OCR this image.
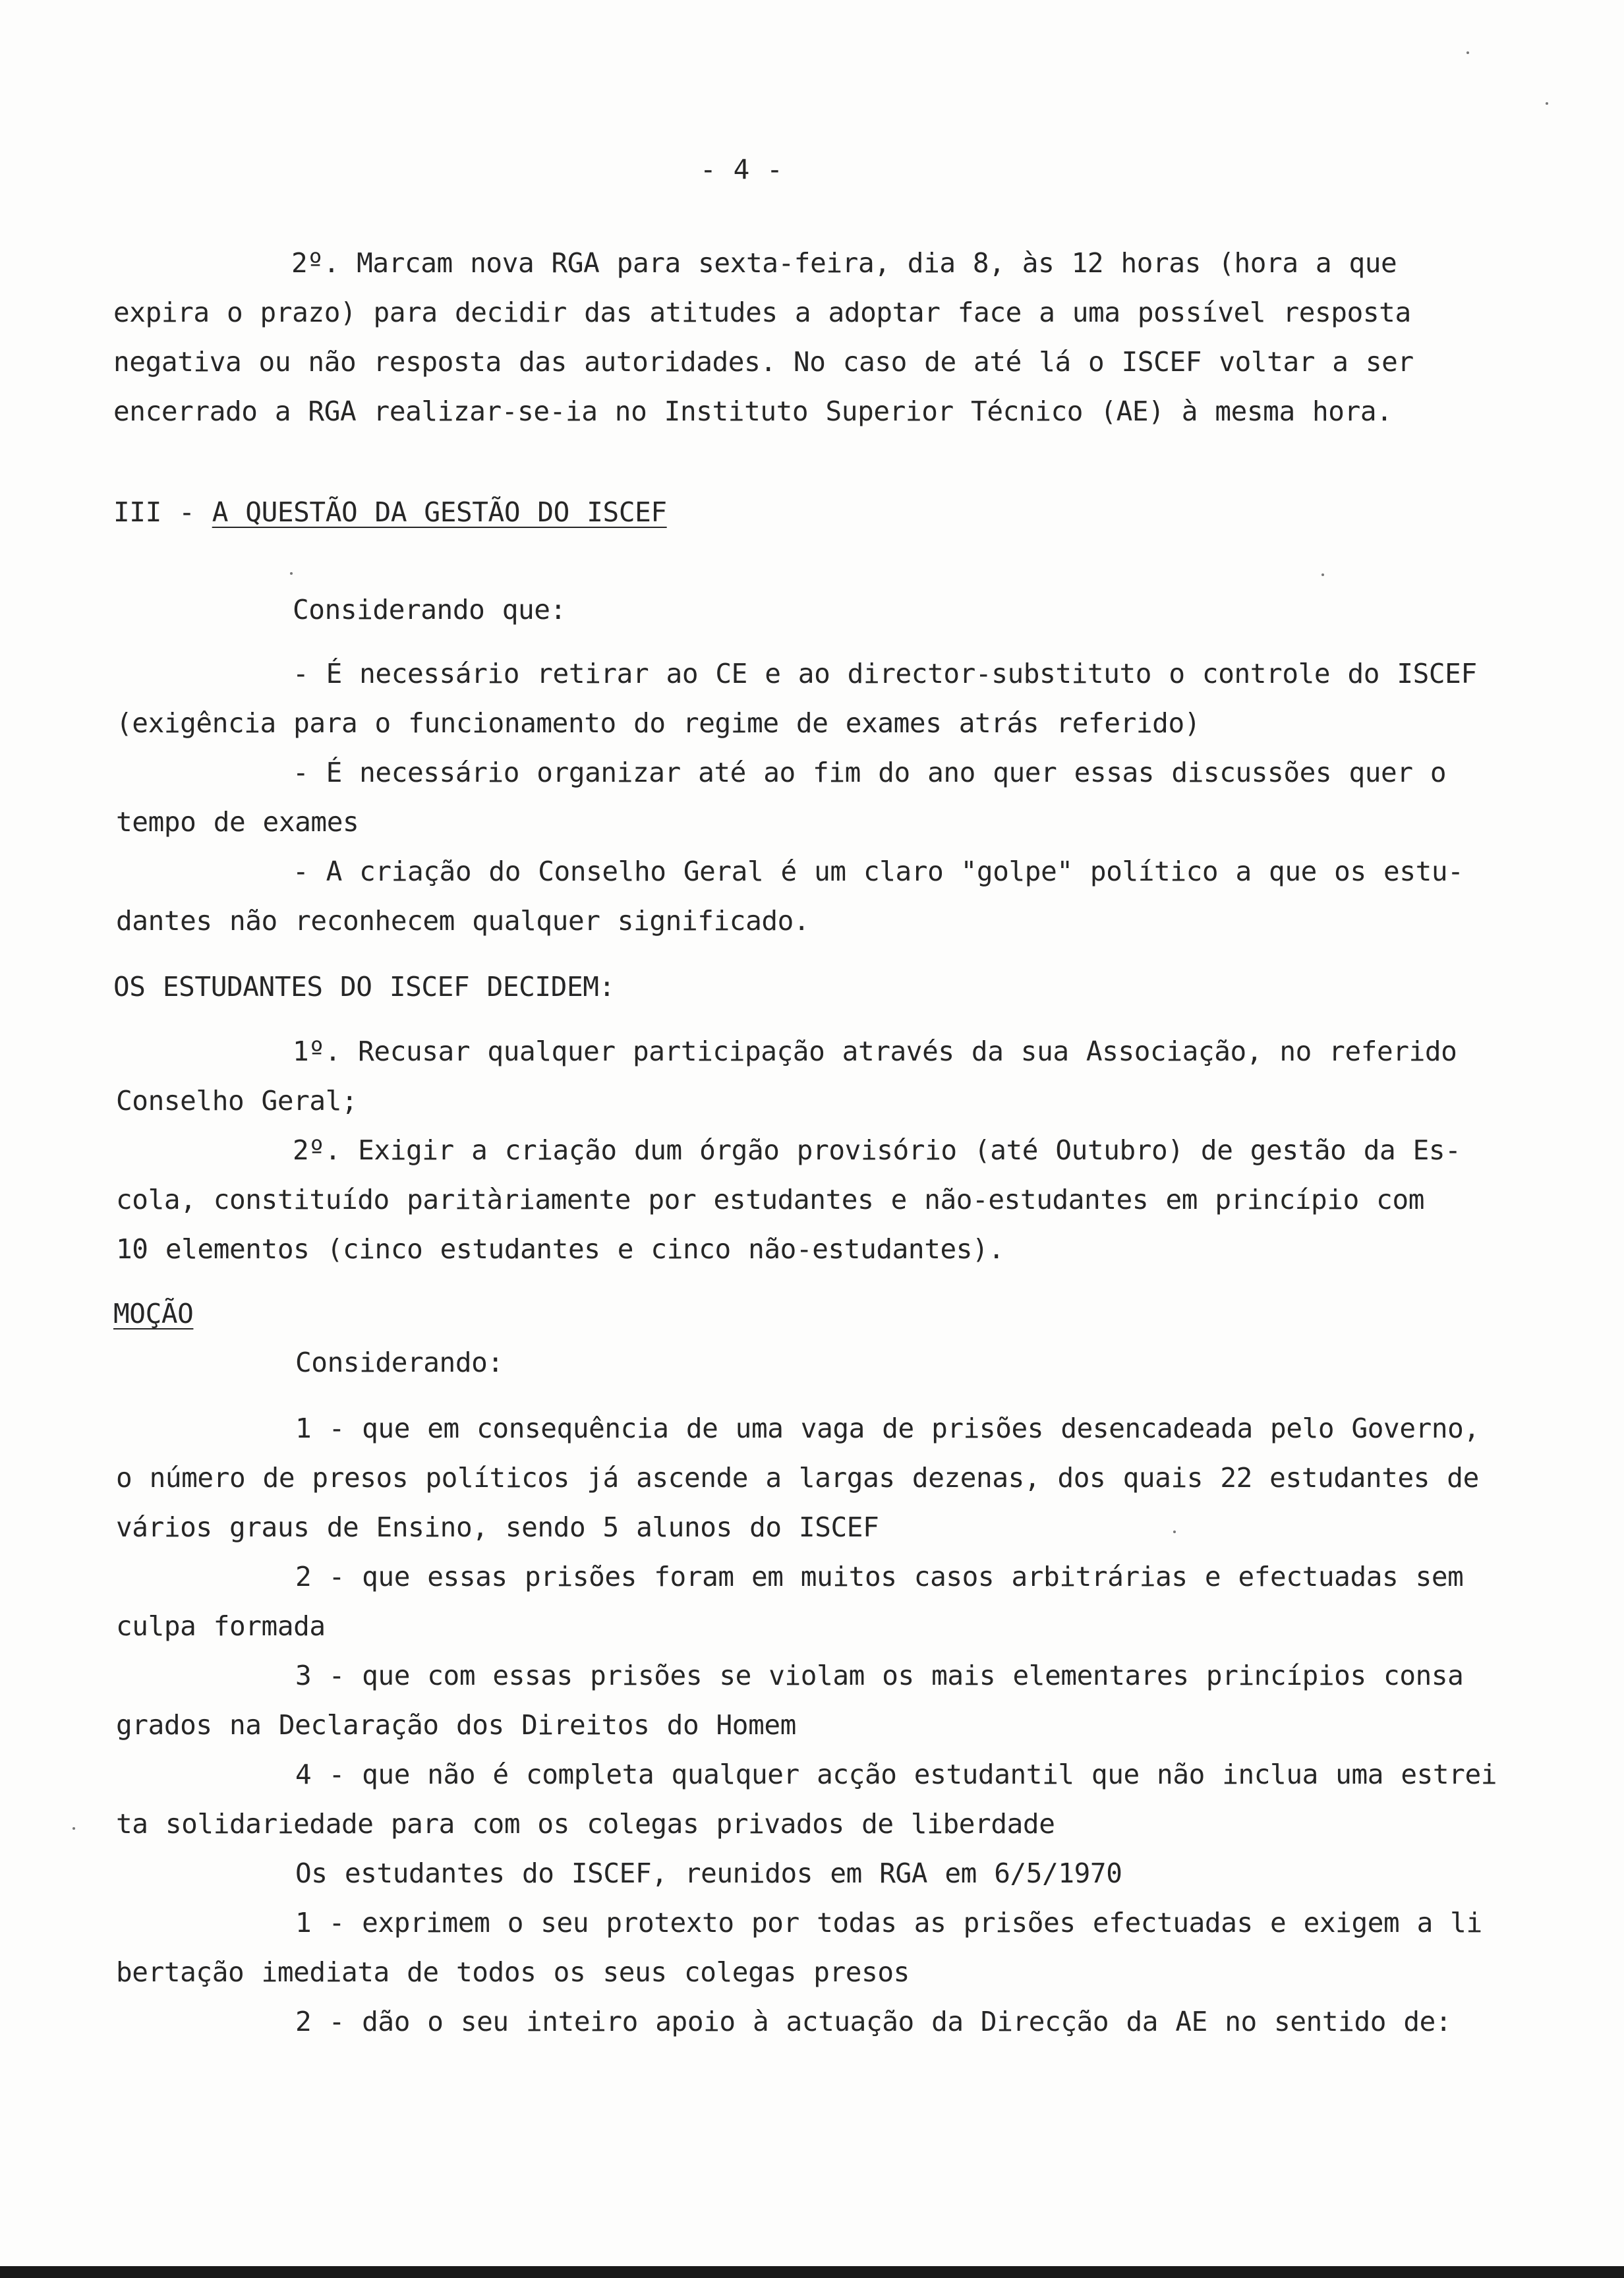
- 4 -
2º. Marcam nova RGA para sexta-feira, dia 8, às 12 horas (hora a que
expira o prazo) para decidir das atitudes a adoptar face a uma possível resposta
negativa ou não resposta das autoridades. No caso de até lá o ISCEF voltar a ser
encerrado a RGA realizar-se-ia no Instituto Superior Técnico (AE) à mesma hora.
III - A QUESTÃO DA GESTÃO DO ISCEF
Considerando que:
- É necessário retirar ao CE e ao director-substituto o controle do ISCEF
(exigência para o funcionamento do regime de exames atrás referido)
- É necessário organizar até ao fim do ano quer essas discussões quer o
tempo de exames
- A criação do Conselho Geral é um claro "golpe" político a que os estu-
dantes não reconhecem qualquer significado.
OS ESTUDANTES DO ISCEF DECIDEM:
1º. Recusar qualquer participação através da sua Associação, no referido
Conselho Geral;
2º. Exigir a criação dum órgão provisório (até Outubro) de gestão da Es-
cola, constituído paritàriamente por estudantes e não-estudantes em princípio com
10 elementos (cinco estudantes e cinco não-estudantes).
MOÇÃO
Considerando:
1 - que em consequência de uma vaga de prisões desencadeada pelo Governo,
o número de presos políticos já ascende a largas dezenas, dos quais 22 estudantes de
vários graus de Ensino, sendo 5 alunos do ISCEF
2 - que essas prisões foram em muitos casos arbitrárias e efectuadas sem
culpa formada
3 - que com essas prisões se violam os mais elementares princípios consa
grados na Declaração dos Direitos do Homem
4 - que não é completa qualquer acção estudantil que não inclua uma estrei
ta solidariedade para com os colegas privados de liberdade
Os estudantes do ISCEF, reunidos em RGA em 6/5/1970
1 - exprimem o seu protexto por todas as prisões efectuadas e exigem a li
bertação imediata de todos os seus colegas presos
2 - dão o seu inteiro apoio à actuação da Direcção da AE no sentido de:
